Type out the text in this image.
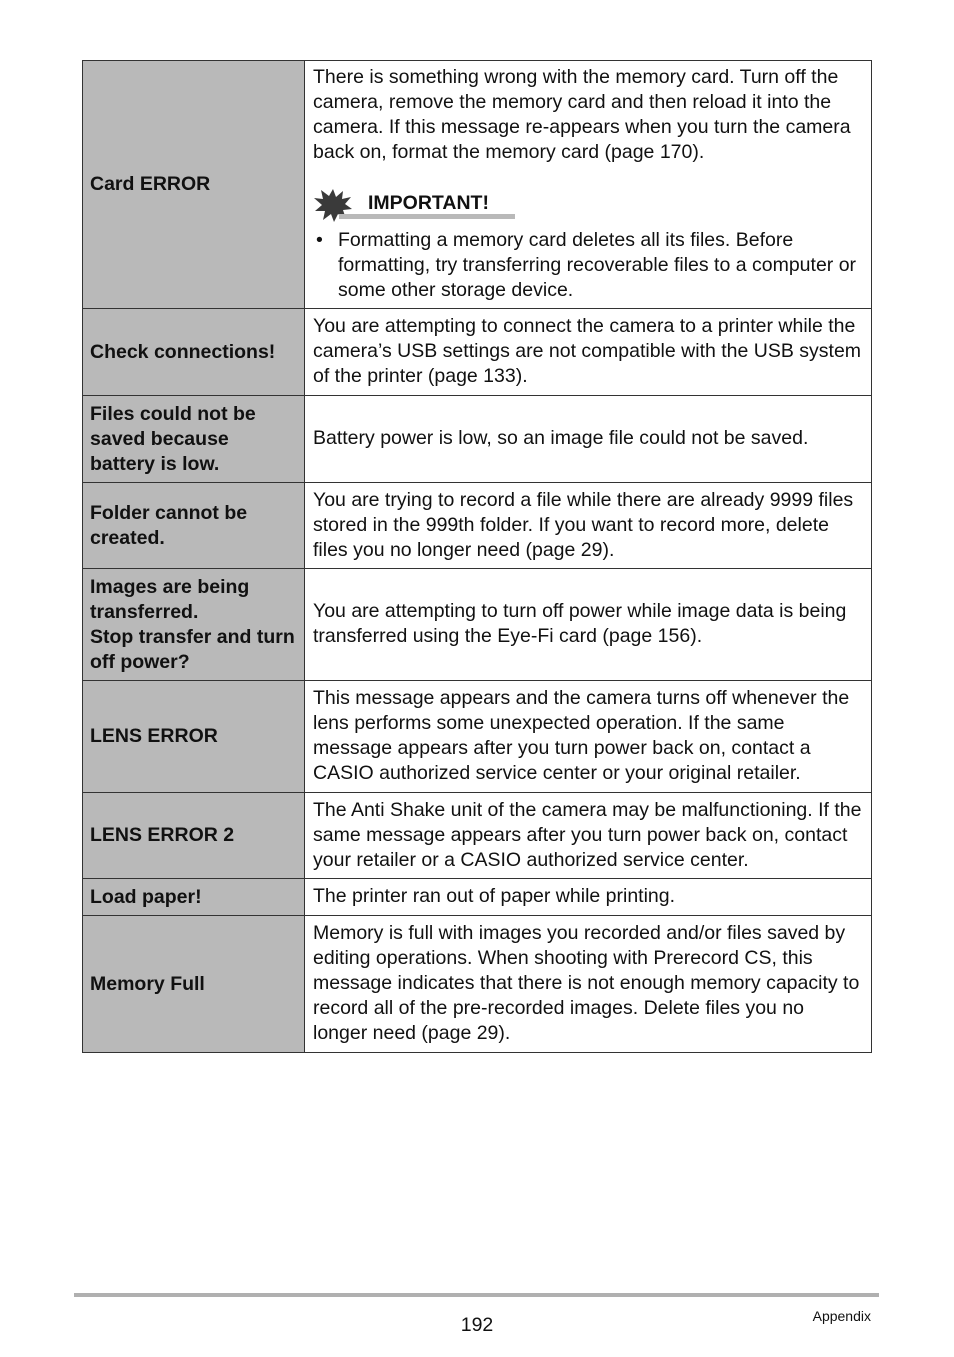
Card ERROR	There is something wrong with the memory card. Turn off the camera, remove the memory card and then reload it into the camera. If this message re-appears when you turn the camera back on, format the memory card (page 170).
IMPORTANT!
• Formatting a memory card deletes all its files. Before formatting, try transferring recoverable files to a computer or some other storage device.

Check connections!	You are attempting to connect the camera to a printer while the camera’s USB settings are not compatible with the USB system of the printer (page 133).
Files could not be saved because battery is low.	Battery power is low, so an image file could not be saved.
Folder cannot be created.	You are trying to record a file while there are already 9999 files stored in the 999th folder. If you want to record more, delete files you no longer need (page 29).

Images are being transferred.
Stop transfer and turn off power?	You are attempting to turn off power while image data is being transferred using the Eye-Fi card (page 156).
LENS ERROR	This message appears and the camera turns off whenever the lens performs some unexpected operation. If the same message appears after you turn power back on, contact a CASIO authorized service center or your original retailer.
LENS ERROR 2	The Anti Shake unit of the camera may be malfunctioning. If the same message appears after you turn power back on, contact your retailer or a CASIO authorized service center.
Load paper!	The printer ran out of paper while printing.
Memory Full	Memory is full with images you recorded and/or files saved by editing operations. When shooting with Prerecord CS, this message indicates that there is not enough memory capacity to record all of the pre-recorded images. Delete files you no longer need (page 29).
192	Appendix
